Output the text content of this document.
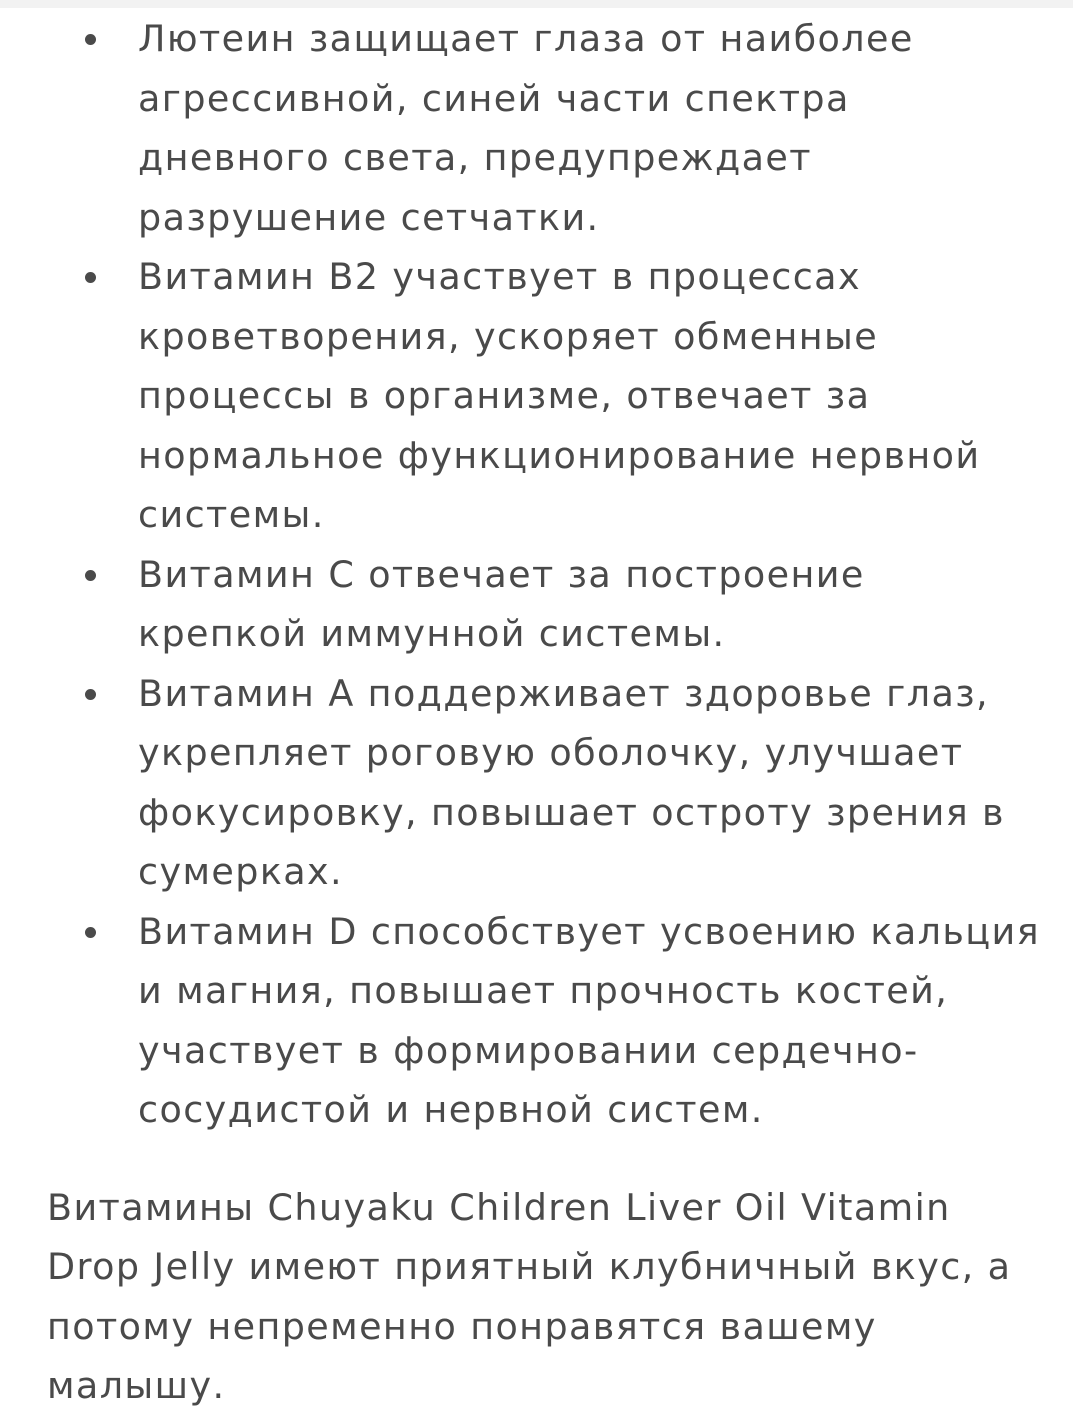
Лютеин защищает глаза от наиболее
агрессивной, синей части спектра
дневного света, предупреждает
разрушение сетчатки.
Витамин B2 участвует в процессах
кроветворения, ускоряет обменные
процессы в организме, отвечает за
нормальное функционирование нервной
системы.
Витамин С отвечает за построение
крепкой иммунной системы.
Витамин А поддерживает здоровье глаз,
укрепляет роговую оболочку, улучшает
фокусировку, повышает остроту зрения в
сумерках.
Витамин D способствует усвоению кальция
и магния, повышает прочность костей,
участвует в формировании сердечно-
сосудистой и нервной систем.
Витамины Chuyaku Children Liver Oil Vitamin
Drop Jelly имеют приятный клубничный вкус, а
потому непременно понравятся вашему
малышу.
